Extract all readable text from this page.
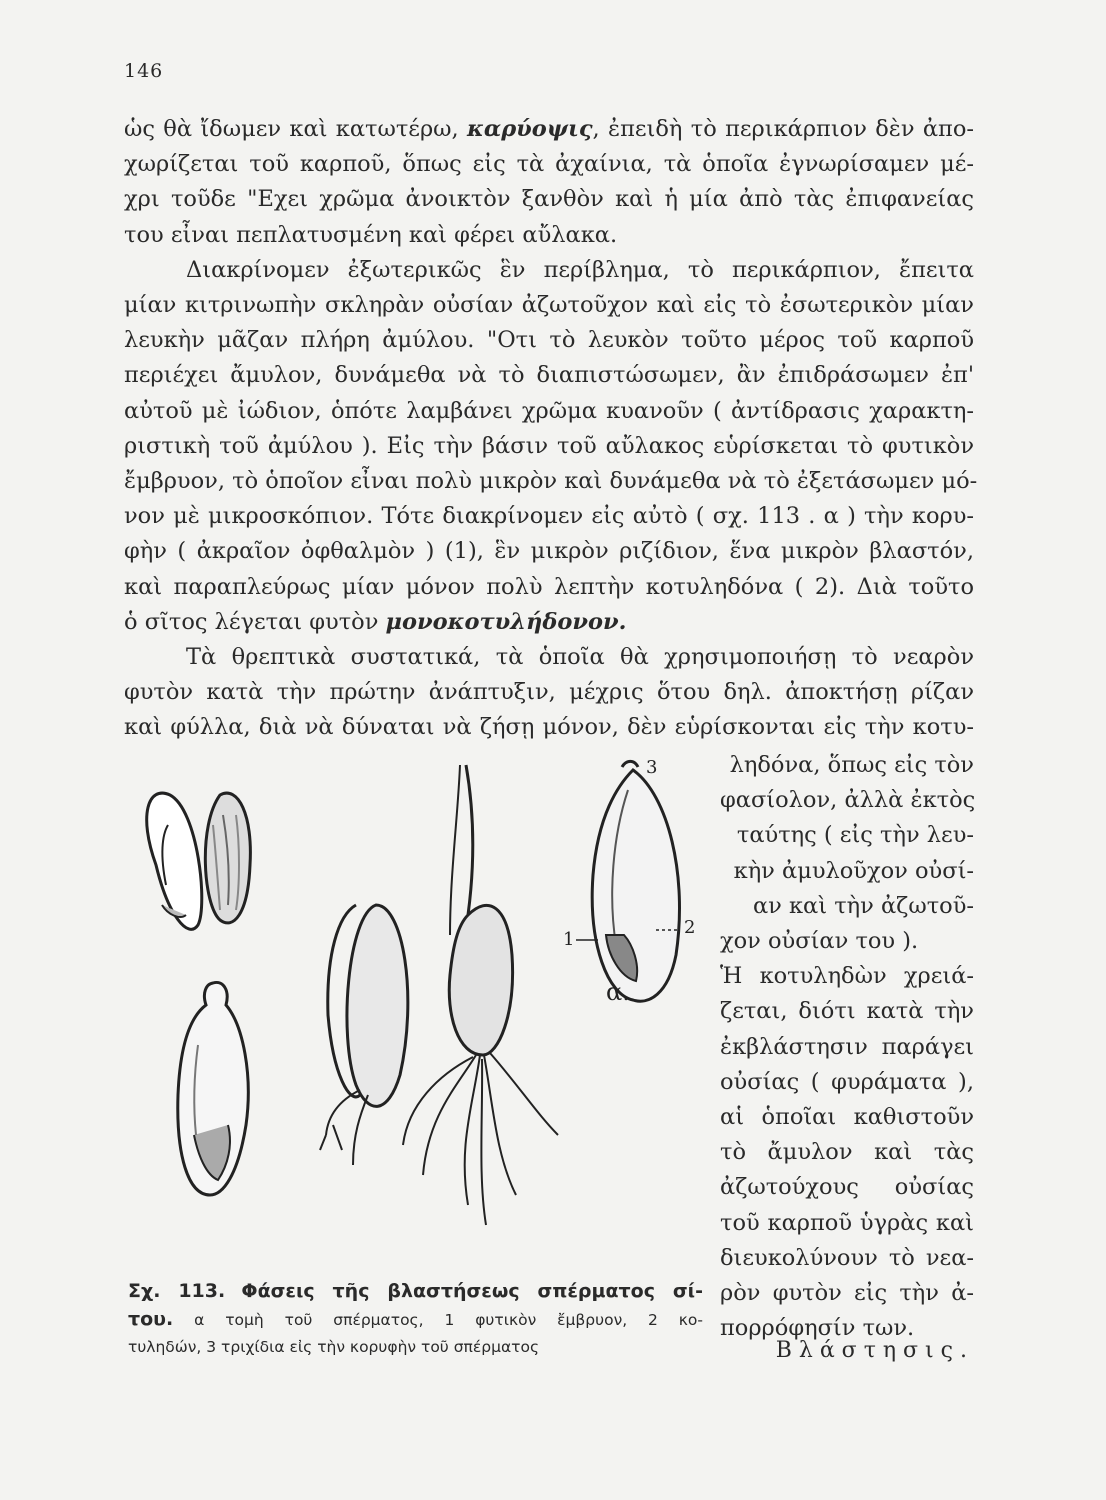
146
ὡς θὰ ἴδωμεν καὶ κατωτέρω, καρύοψις, ἐπειδὴ τὸ περικάρπιον δὲν ἀπο-
χωρίζεται τοῦ καρποῦ, ὅπως εἰς τὰ ἀχαίνια, τὰ ὁποῖα ἐγνωρίσαμεν μέ-
χρι τοῦδε "Εχει χρῶμα ἀνοικτὸν ξανθὸν καὶ ἡ μία ἀπὸ τὰς ἐπιφανείας
του εἶναι πεπλατυσμένη καὶ φέρει αὔλακα.
Διακρίνομεν ἐξωτερικῶς ἓν περίβλημα, τὸ περικάρπιον, ἔπειτα
μίαν κιτρινωπὴν σκληρὰν οὐσίαν ἀζωτοῦχον καὶ εἰς τὸ ἐσωτερικὸν μίαν
λευκὴν μᾶζαν πλήρη ἀμύλου. "Οτι τὸ λευκὸν τοῦτο μέρος τοῦ καρποῦ
περιέχει ἄμυλον, δυνάμεθα νὰ τὸ διαπιστώσωμεν, ἂν ἐπιδράσωμεν ἐπ'
αὐτοῦ μὲ ἰώδιον, ὁπότε λαμβάνει χρῶμα κυανοῦν ( ἀντίδρασις χαρακτη-
ριστικὴ τοῦ ἀμύλου ). Εἰς τὴν βάσιν τοῦ αὔλακος εὑρίσκεται τὸ φυτικὸν
ἔμβρυον, τὸ ὁποῖον εἶναι πολὺ μικρὸν καὶ δυνάμεθα νὰ τὸ ἐξετάσωμεν μό-
νον μὲ μικροσκόπιον. Τότε διακρίνομεν εἰς αὐτὸ ( σχ. 113 . α ) τὴν κορυ-
φὴν ( ἀκραῖον ὀφθαλμὸν ) (1), ἓν μικρὸν ριζίδιον, ἕνα μικρὸν βλαστόν,
καὶ παραπλεύρως μίαν μόνον πολὺ λεπτὴν κοτυληδόνα ( 2). Διὰ τοῦτο
ὁ σῖτος λέγεται φυτὸν μονοκοτυλήδονον.
Τὰ θρεπτικὰ συστατικά, τὰ ὁποῖα θὰ χρησιμοποιήσῃ τὸ νεαρὸν
φυτὸν κατὰ τὴν πρώτην ἀνάπτυξιν, μέχρις ὅτου δηλ. ἀποκτήσῃ ρίζαν
καὶ φύλλα, διὰ νὰ δύναται νὰ ζήσῃ μόνον, δὲν εὑρίσκονται εἰς τὴν κοτυ-
ληδόνα, ὅπως εἰς τὸν
φασίολον, ἀλλὰ ἐκτὸς
ταύτης ( εἰς τὴν λευ-
κὴν ἀμυλοῦχον οὐσί-
αν καὶ τὴν ἀζωτοῦ-
χον οὐσίαν του ).
Ἡ κοτυληδὼν χρειά-
ζεται, διότι κατὰ τὴν
ἐκβλάστησιν παράγει
οὐσίας ( φυράματα ),
αἱ ὁποῖαι καθιστοῦν
τὸ ἄμυλον καὶ τὰς
ἀζωτούχους οὐσίας
τοῦ καρποῦ ὑγρὰς καὶ
διευκολύνουν τὸ νεα-
ρὸν φυτὸν εἰς τὴν ἀ-
πορρόφησίν των.
1
2
3
α.
Σχ. 113. Φάσεις τῆς βλαστήσεως σπέρματος σί-
του. α τομὴ τοῦ σπέρματος, 1 φυτικὸν ἔμβρυον, 2 κο-
τυληδών, 3 τριχίδια εἰς τὴν κορυφὴν τοῦ σπέρματος	Βλάστησις.
